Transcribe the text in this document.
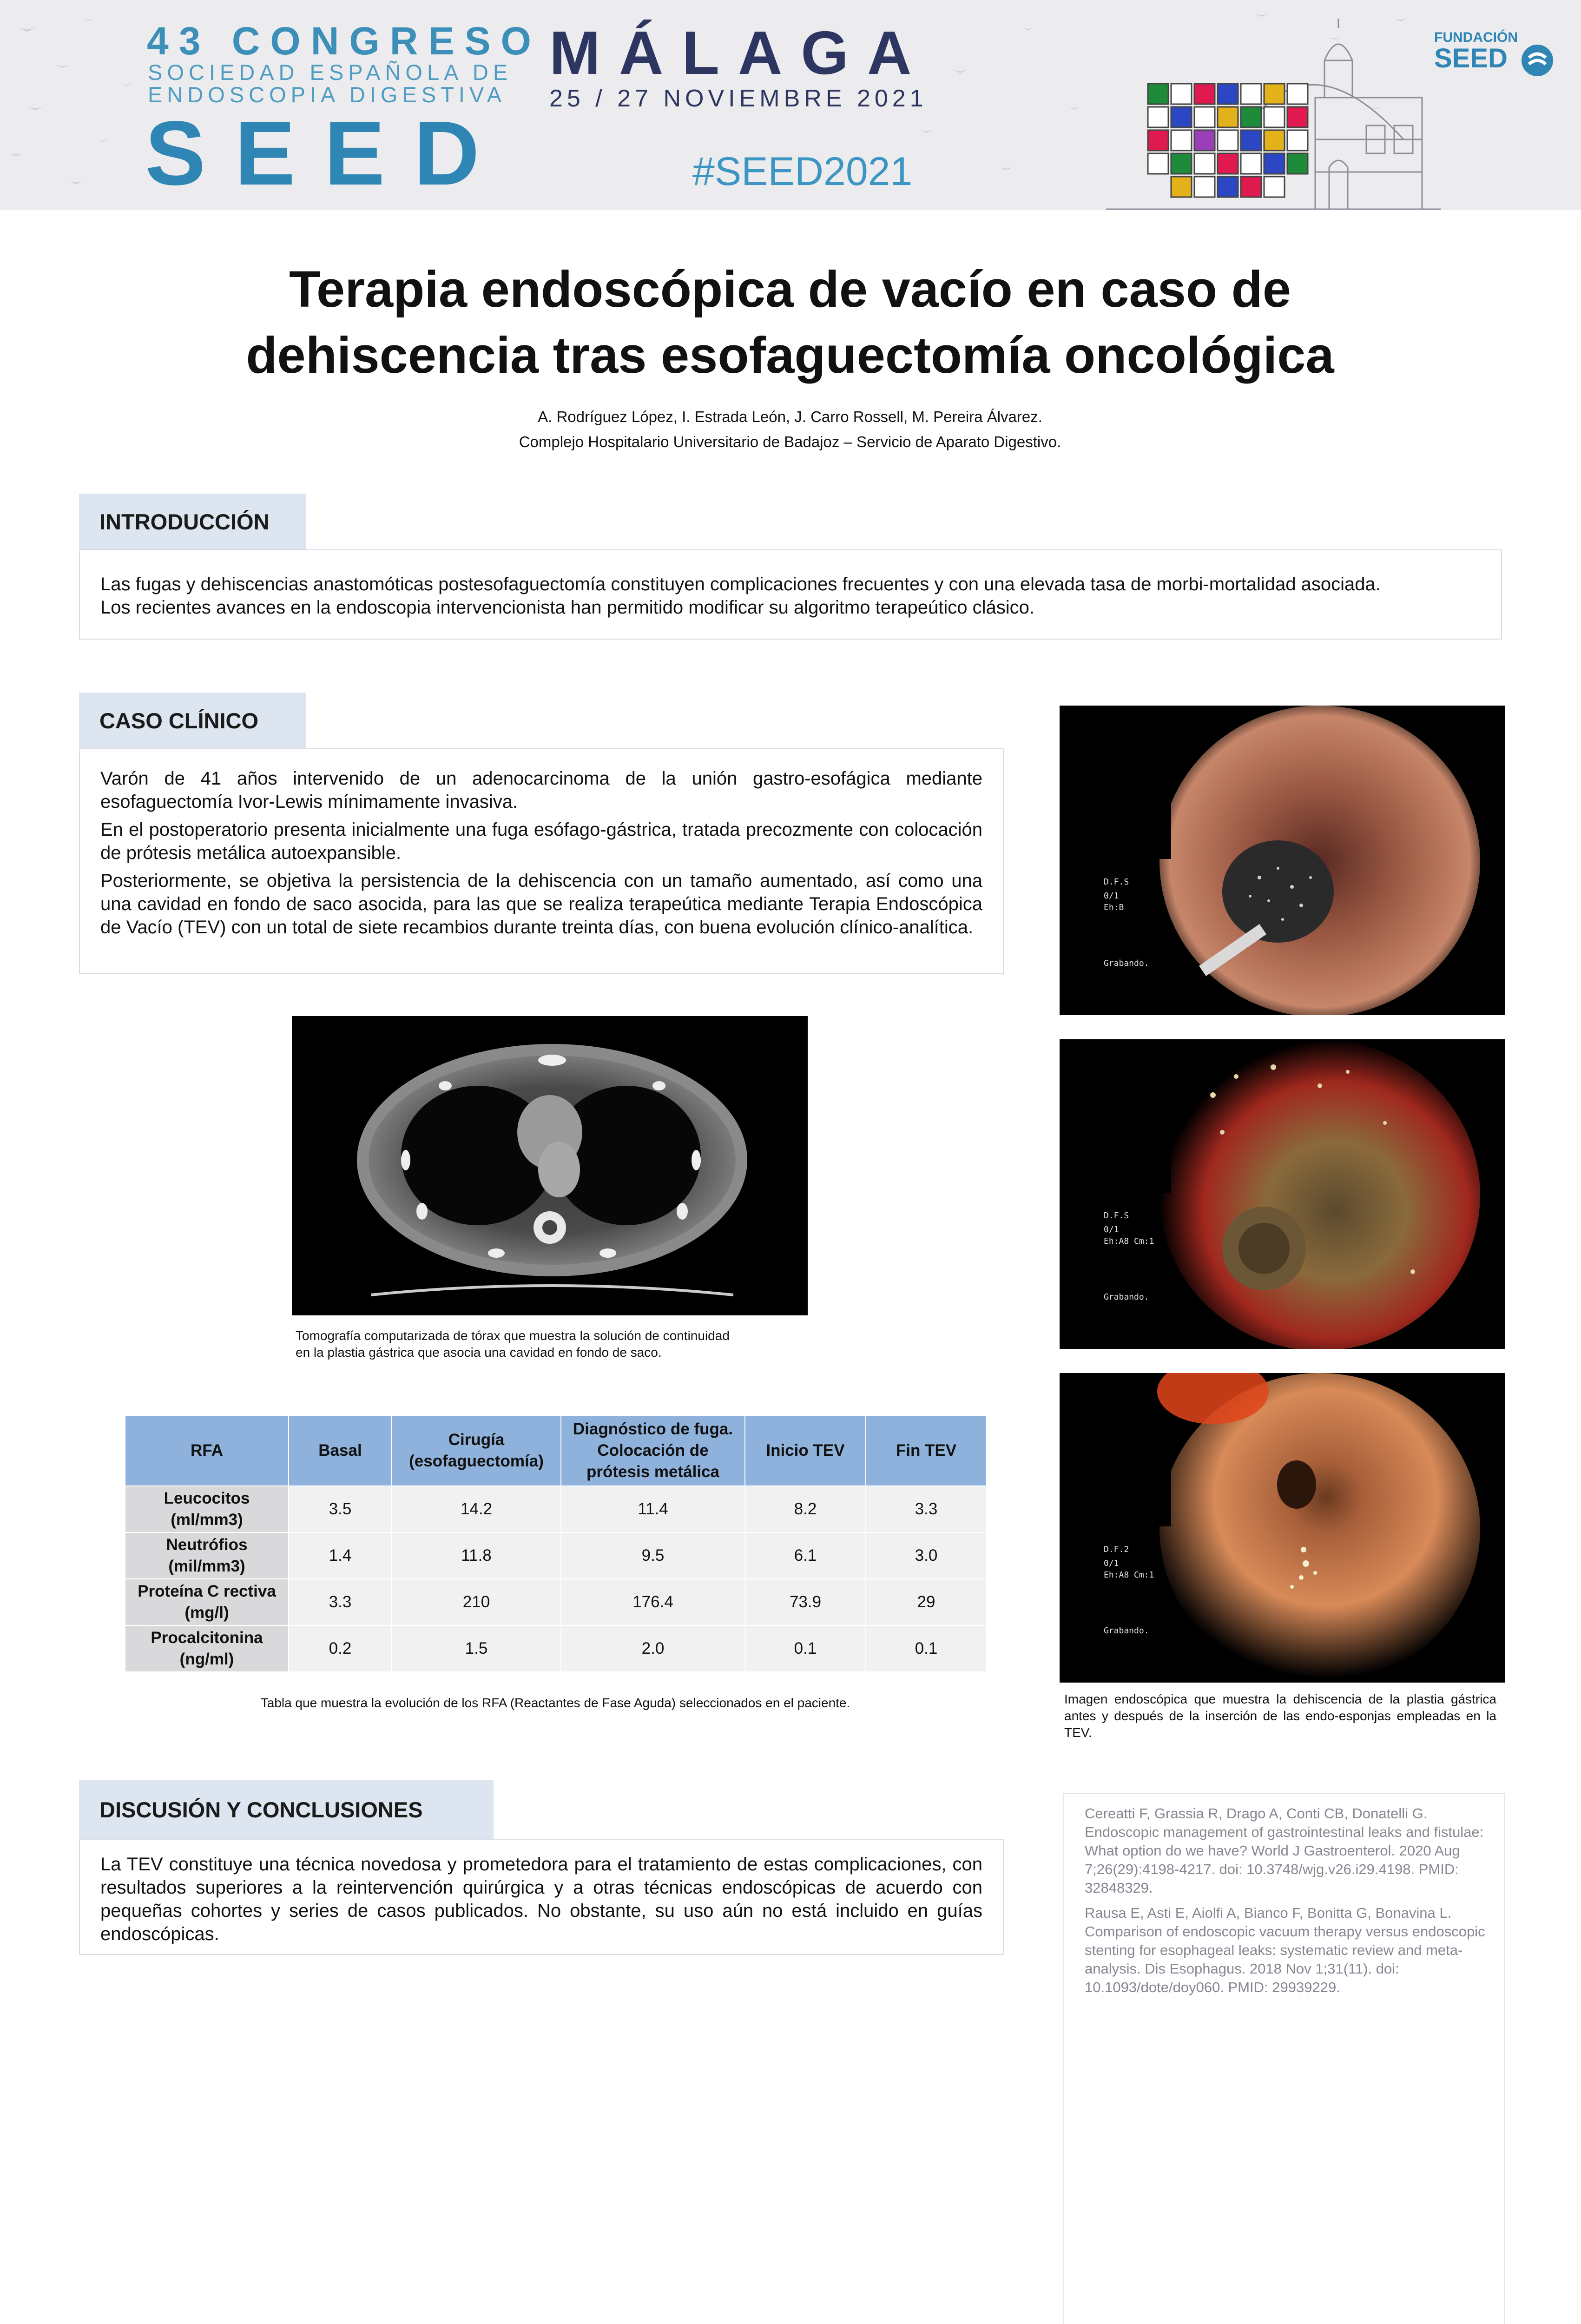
43 CONGRESO
SOCIEDAD ESPAÑOLA DE
ENDOSCOPIA DIGESTIVA
SEED
MÁLAGA
25 / 27 NOVIEMBRE 2021
#SEED2021
FUNDACIÓN
SEED
Terapia endoscópica de vacío en caso de
dehiscencia tras esofaguectomía oncológica
A. Rodríguez López, I. Estrada León, J. Carro Rossell, M. Pereira Álvarez.
Complejo Hospitalario Universitario de Badajoz – Servicio de Aparato Digestivo.
INTRODUCCIÓN
Las fugas y dehiscencias anastomóticas postesofaguectomía constituyen complicaciones frecuentes y con una elevada tasa de morbi-mortalidad asociada.
Los recientes avances en la endoscopia intervencionista han permitido modificar su algoritmo terapeútico clásico.
CASO CLÍNICO
Varón de 41 años intervenido de un adenocarcinoma de la unión gastro-esofágica mediante esofaguectomía Ivor-Lewis mínimamente invasiva.
En el postoperatorio presenta inicialmente una fuga esófago-gástrica, tratada precozmente con colocación de prótesis metálica autoexpansible.
Posteriormente, se objetiva la persistencia de la dehiscencia con un tamaño aumentado, así como una una cavidad en fondo de saco asocida, para las que se realiza terapeútica mediante Terapia Endoscópica de Vacío (TEV) con un total de siete recambios durante treinta días, con buena evolución clínico-analítica.
Tomografía computarizada de tórax que muestra la solución de continuidad
en la plastia gástrica que asocia una cavidad en fondo de saco.
RFA	Basal	Cirugía (esofaguectomía)	Diagnóstico de fuga. Colocación de prótesis metálica	Inicio TEV	Fin TEV
Leucocitos (ml/mm3)	3.5	14.2	11.4	8.2	3.3
Neutrófios (mil/mm3)	1.4	11.8	9.5	6.1	3.0
Proteína C rectiva (mg/l)	3.3	210	176.4	73.9	29
Procalcitonina (ng/ml)	0.2	1.5	2.0	0.1	0.1
Tabla que muestra la evolución de los RFA (Reactantes de Fase Aguda) seleccionados en el paciente.
D.F.S
0/1
Eh:B
Grabando.
D.F.S
0/1
Eh:A8 Cm:1
Grabando.
D.F.2
0/1
Eh:A8 Cm:1
Grabando.
Imagen endoscópica que muestra la dehiscencia de la plastia gástrica antes y después de la inserción de las endo-esponjas empleadas en la TEV.
DISCUSIÓN Y CONCLUSIONES
La TEV constituye una técnica novedosa y prometedora para el tratamiento de estas complicaciones, con resultados superiores a la reintervención quirúrgica y a otras técnicas endoscópicas de acuerdo con pequeñas cohortes y series de casos publicados. No obstante, su uso aún no está incluido en guías endoscópicas.

Cereatti F, Grassia R, Drago A, Conti CB, Donatelli G. Endoscopic management of gastrointestinal leaks and fistulae: What option do we have? World J Gastroenterol. 2020 Aug 7;26(29):4198-4217. doi: 10.3748/wjg.v26.i29.4198. PMID: 32848329.

Rausa E, Asti E, Aiolfi A, Bianco F, Bonitta G, Bonavina L. Comparison of endoscopic vacuum therapy versus endoscopic stenting for esophageal leaks: systematic review and meta-analysis. Dis Esophagus. 2018 Nov 1;31(11). doi: 10.1093/dote/doy060. PMID: 29939229.
